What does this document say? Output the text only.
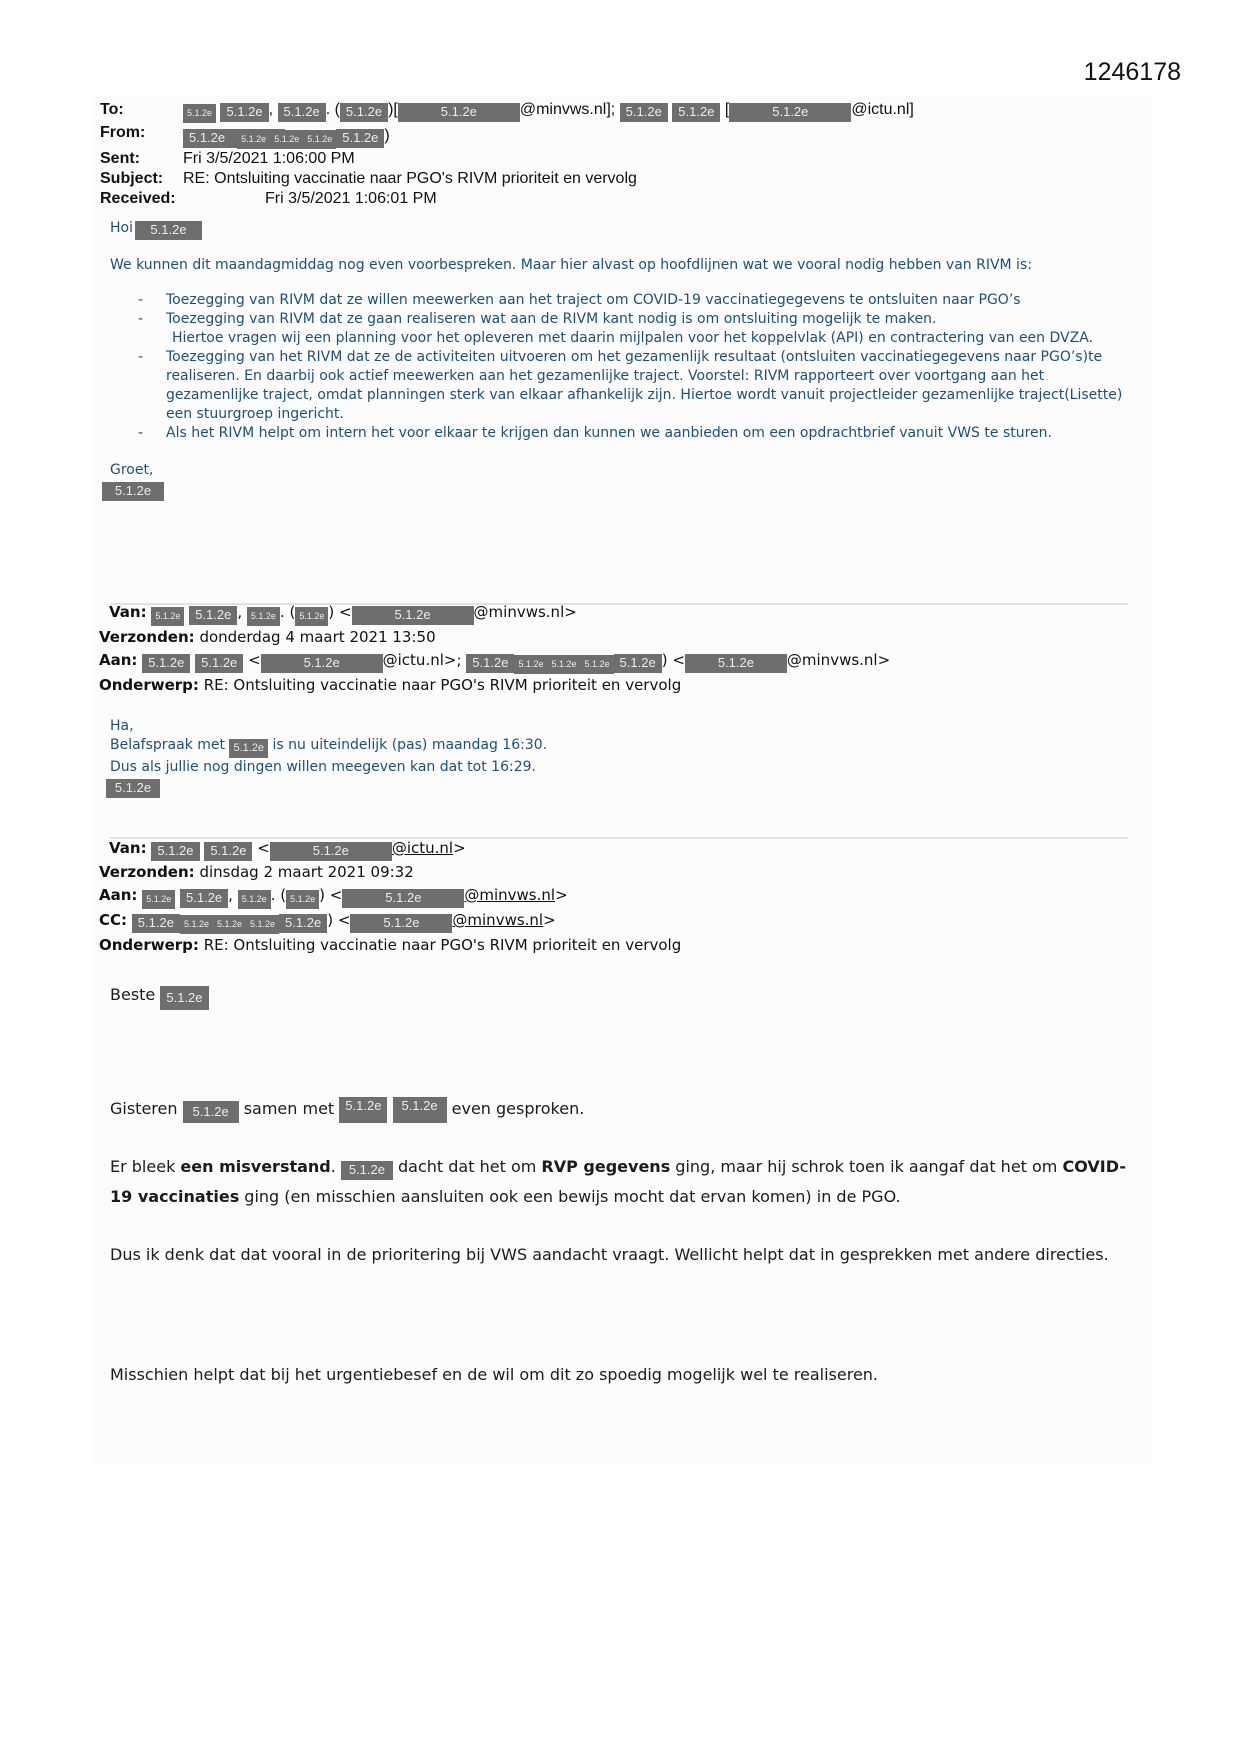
1246178
To:	5.1.2e 5.1.2e , 5.1.2e . ( 5.1.2e )[	5.1.2e	@minvws.nl]; 5.1.2e 5.1.2e [	5.1.2e	@ictu.nl]
From:	5.1.2e 5.1.2e 5.1.2e 5.1.2e 5.1.2e )
Sent:	Fri 3/5/2021 1:06:00 PM
Subject:	RE: Ontsluiting vaccinatie naar PGO's RIVM prioriteit en vervolg
Received:	Fri 3/5/2021 1:06:01 PM

Hoi 5.1.2e

We kunnen dit maandagmiddag nog even voorbespreken. Maar hier alvast op hoofdlijnen wat we vooral nodig hebben van RIVM is:

- Toezegging van RIVM dat ze willen meewerken aan het traject om COVID-19 vaccinatiegegevens te ontsluiten naar PGO’s
- Toezegging van RIVM dat ze gaan realiseren wat aan de RIVM kant nodig is om ontsluiting mogelijk te maken.
Hiertoe vragen wij een planning voor het opleveren met daarin mijlpalen voor het koppelvlak (API) en contractering van een DVZA.
- Toezegging van het RIVM dat ze de activiteiten uitvoeren om het gezamenlijk resultaat (ontsluiten vaccinatiegegevens naar PGO’s)te realiseren. En daarbij ook actief meewerken aan het gezamenlijke traject. Voorstel: RIVM rapporteert over voortgang aan het gezamenlijke traject, omdat planningen sterk van elkaar afhankelijk zijn. Hiertoe wordt vanuit projectleider gezamenlijke traject(Lisette) een stuurgroep ingericht.
- Als het RIVM helpt om intern het voor elkaar te krijgen dan kunnen we aanbieden om een opdrachtbrief vanuit VWS te sturen.

Groet,

5.1.2e

Van: 5.1.2e 5.1.2e , 5.1.2e . ( 5.1.2e ) <	5.1.2e	@minvws.nl>
Verzonden: donderdag 4 maart 2021 13:50
Aan: 5.1.2e 5.1.2e <	5.1.2e	@ictu.nl>; 5.1.2e 5.1.2e 5.1.2e 5.1.2e 5.1.2e ) <	5.1.2e @minvws.nl>
Onderwerp: RE: Ontsluiting vaccinatie naar PGO's RIVM prioriteit en vervolg

Ha,

Belafspraak met 5.1.2e is nu uiteindelijk (pas) maandag 16:30.

Dus als jullie nog dingen willen meegeven kan dat tot 16:29.

5.1.2e

Van: 5.1.2e 5.1.2e <	5.1.2e	@ictu.nl>
Verzonden: dinsdag 2 maart 2021 09:32
Aan: 5.1.2e 5.1.2e , 5.1.2e . ( 5.1.2e ) <	5.1.2e	@minvws.nl>
CC: 5.1.2e 5.1.2e 5.1.2e 5.1.2e 5.1.2e ) <	5.1.2e @minvws.nl>
Onderwerp: RE: Ontsluiting vaccinatie naar PGO's RIVM prioriteit en vervolg

Beste 5.1.2e

Gisteren 5.1.2e samen met 5.1.2e 5.1.2e even gesproken.

Er bleek een misverstand. 5.1.2e dacht dat het om RVP gegevens ging, maar hij schrok toen ik aangaf dat het om COVID-19 vaccinaties ging (en misschien aansluiten ook een bewijs mocht dat ervan komen) in de PGO.

Dus ik denk dat dat vooral in de prioritering bij VWS aandacht vraagt. Wellicht helpt dat in gesprekken met andere directies.

Misschien helpt dat bij het urgentiebesef en de wil om dit zo spoedig mogelijk wel te realiseren.
